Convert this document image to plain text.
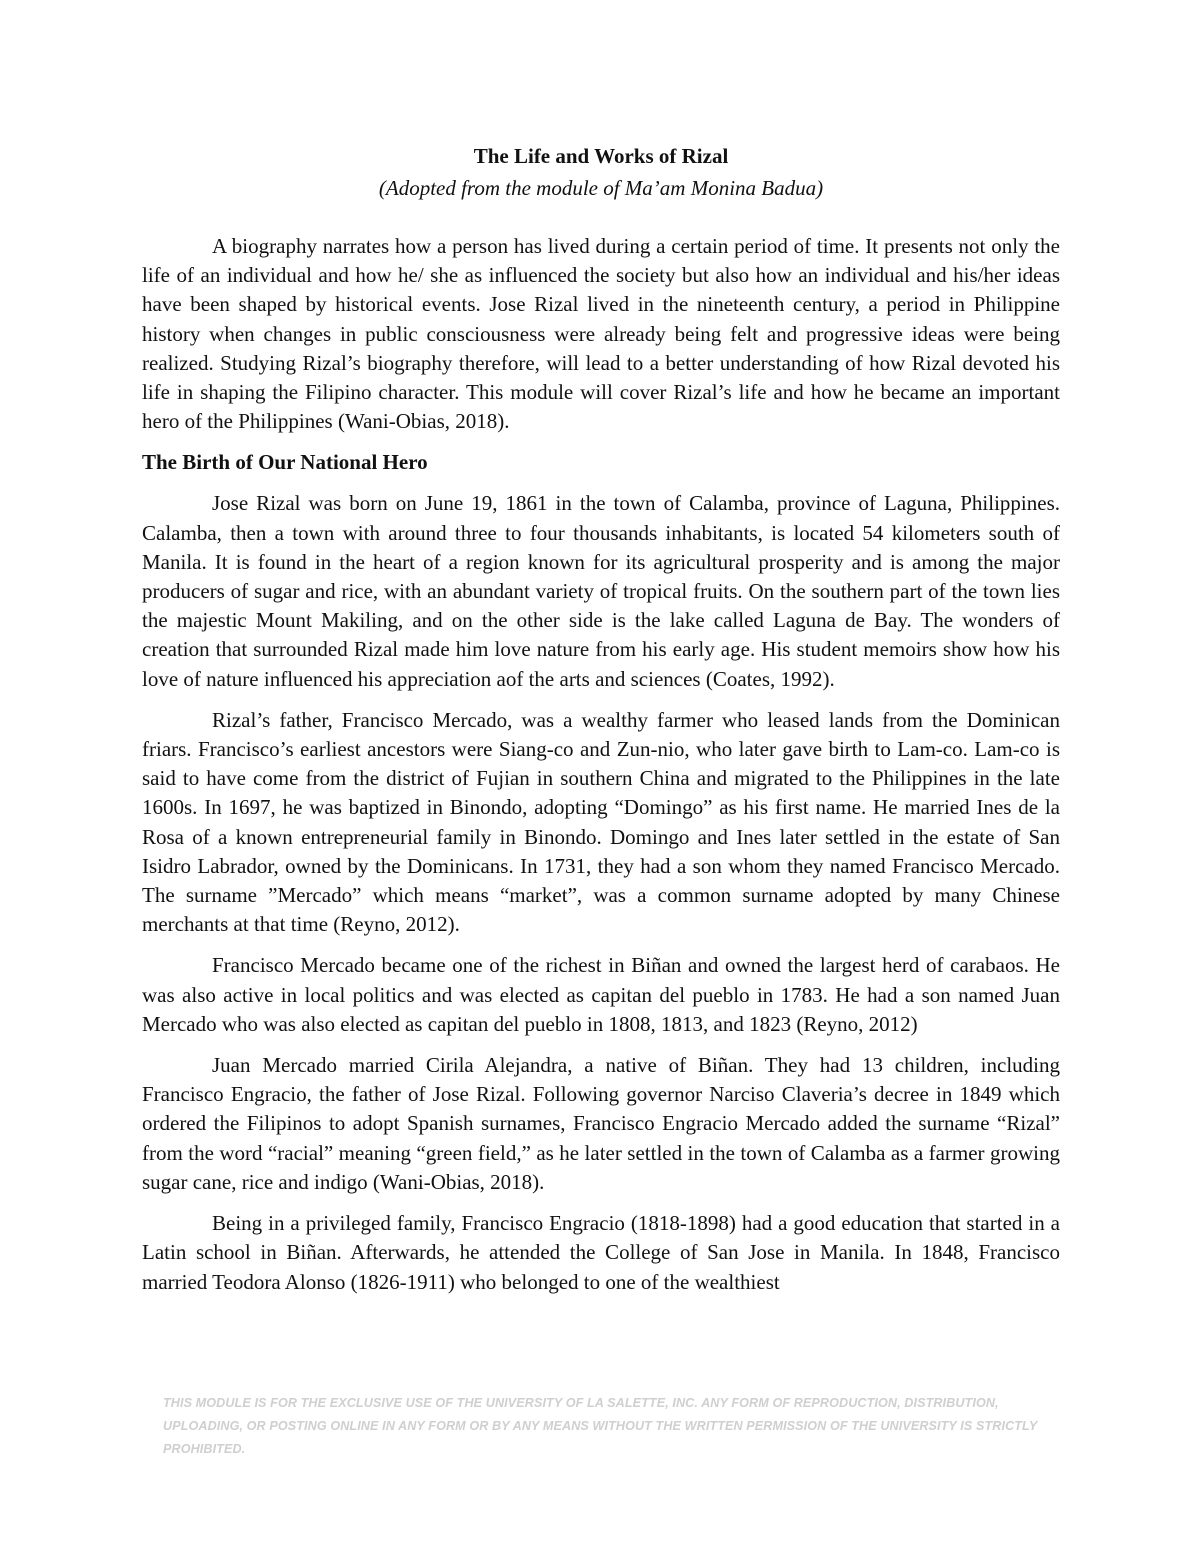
The Life and Works of Rizal
(Adopted from the module of Ma’am Monina Badua)

A biography narrates how a person has lived during a certain period of time. It presents not only the life of an individual and how he/ she as influenced the society but also how an individual and his/her ideas have been shaped by historical events. Jose Rizal lived in the nineteenth century, a period in Philippine history when changes in public consciousness were already being felt and progressive ideas were being realized. Studying Rizal’s biography therefore, will lead to a better understanding of how Rizal devoted his life in shaping the Filipino character. This module will cover Rizal’s life and how he became an important hero of the Philippines (Wani-Obias, 2018).

The Birth of Our National Hero

Jose Rizal was born on June 19, 1861 in the town of Calamba, province of Laguna, Philippines. Calamba, then a town with around three to four thousands inhabitants, is located 54 kilometers south of Manila. It is found in the heart of a region known for its agricultural prosperity and is among the major producers of sugar and rice, with an abundant variety of tropical fruits. On the southern part of the town lies the majestic Mount Makiling, and on the other side is the lake called Laguna de Bay. The wonders of creation that surrounded Rizal made him love nature from his early age. His student memoirs show how his love of nature influenced his appreciation aof the arts and sciences (Coates, 1992).

Rizal’s father, Francisco Mercado, was a wealthy farmer who leased lands from the Dominican friars. Francisco’s earliest ancestors were Siang-co and Zun-nio, who later gave birth to Lam-co. Lam-co is said to have come from the district of Fujian in southern China and migrated to the Philippines in the late 1600s. In 1697, he was baptized in Binondo, adopting “Domingo” as his first name. He married Ines de la Rosa of a known entrepreneurial family in Binondo. Domingo and Ines later settled in the estate of San Isidro Labrador, owned by the Dominicans. In 1731, they had a son whom they named Francisco Mercado. The surname ”Mercado” which means “market”, was a common surname adopted by many Chinese merchants at that time (Reyno, 2012).

Francisco Mercado became one of the richest in Biñan and owned the largest herd of carabaos. He was also active in local politics and was elected as capitan del pueblo in 1783. He had a son named Juan Mercado who was also elected as capitan del pueblo in 1808, 1813, and 1823 (Reyno, 2012)

Juan Mercado married Cirila Alejandra, a native of Biñan. They had 13 children, including Francisco Engracio, the father of Jose Rizal. Following governor Narciso Claveria’s decree in 1849 which ordered the Filipinos to adopt Spanish surnames, Francisco Engracio Mercado added the surname “Rizal” from the word “racial” meaning “green field,” as he later settled in the town of Calamba as a farmer growing sugar cane, rice and indigo (Wani-Obias, 2018).

Being in a privileged family, Francisco Engracio (1818-1898) had a good education that started in a Latin school in Biñan. Afterwards, he attended the College of San Jose in Manila. In 1848, Francisco married Teodora Alonso (1826-1911) who belonged to one of the wealthiest

THIS MODULE IS FOR THE EXCLUSIVE USE OF THE UNIVERSITY OF LA SALETTE, INC. ANY FORM OF REPRODUCTION, DISTRIBUTION, UPLOADING, OR POSTING ONLINE IN ANY FORM OR BY ANY MEANS WITHOUT THE WRITTEN PERMISSION OF THE UNIVERSITY IS STRICTLY PROHIBITED.
